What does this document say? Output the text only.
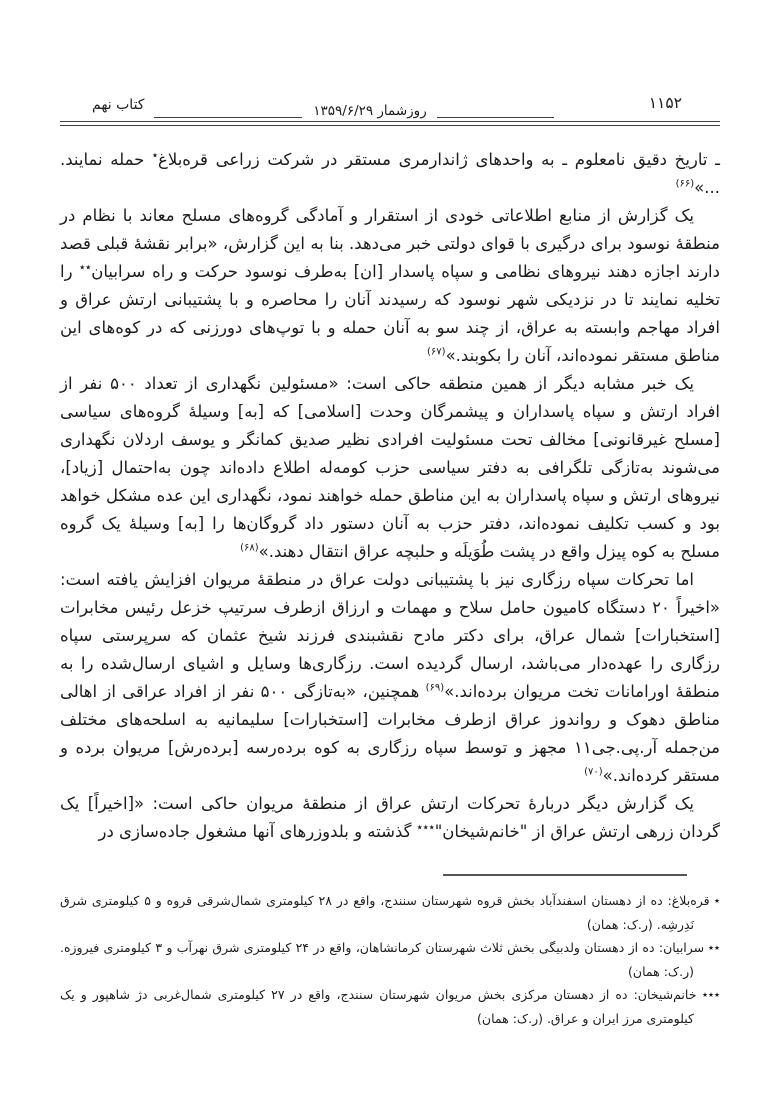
۱۱۵۲
روزشمار ۱۳۵۹/۶/۲۹
کتاب نهم

ـ تاریخ دقیق نامعلوم ـ به واحدهای ژاندارمری مستقر در شرکت زراعی قره‌بلاغ٭ حمله نمایند. ...»$^{(۶۶)}$

یک گزارش از منابع اطلاعاتی خودی از استقرار و آمادگی گروه‌های مسلح معاند با نظام در منطقهٔ نوسود برای درگیری با قوای دولتی خبر می‌دهد. بنا به این گزارش، «برابر نقشهٔ قبلی قصد دارند اجازه دهند نیروهای نظامی و سپاه پاسدار [ان] به‌طرف نوسود حرکت و راه سرابیان٭٭ را تخلیه نمایند تا در نزدیکی شهر نوسود که رسیدند آنان را محاصره و با پشتیبانی ارتش عراق و افراد مهاجم وابسته به عراق، از چند سو به آنان حمله و با توپ‌های دورزنی که در کوه‌های این مناطق مستقر نموده‌اند، آنان را بکوبند.»$^{(۶۷)}$

یک خبر مشابه دیگر از همین منطقه حاکی است: «مسئولین نگهداری از تعداد ۵۰۰ نفر از افراد ارتش و سپاه پاسداران و پیشمرگان وحدت [اسلامی] که [به] وسیلهٔ گروه‌های سیاسی [مسلح غیرقانونی] مخالف تحت مسئولیت افرادی نظیر صدیق کمانگر و یوسف اردلان نگهداری می‌شوند به‌تازگی تلگرافی به دفتر سیاسی حزب کومه‌له اطلاع داده‌اند چون به‌احتمال [زیاد]، نیروهای ارتش و سپاه پاسداران به این مناطق حمله خواهند نمود، نگهداری این عده مشکل خواهد بود و کسب تکلیف نموده‌اند، دفتر حزب به آنان دستور داد گروگان‌ها را [به] وسیلهٔ یک گروه مسلح به کوه پیزل واقع در پشت طُوَیلَه و حلبچه عراق انتقال دهند.»$^{(۶۸)}$

اما تحرکات سپاه رزگاری نیز با پشتیبانی دولت عراق در منطقهٔ مریوان افزایش یافته است: «اخیراً ۲۰ دستگاه کامیون حامل سلاح و مهمات و ارزاق ازطرف سرتیپ خزعل رئیس مخابرات [استخبارات] شمال عراق، برای دکتر مادح نقشبندی فرزند شیخ عثمان که سرپرستی سپاه رزگاری را عهده‌دار می‌باشد، ارسال گردیده است. رزگاری‌ها وسایل و اشیای ارسال‌شده را به منطقهٔ اورامانات تخت مریوان برده‌اند.»$^{(۶۹)}$ همچنین، «به‌تازگی ۵۰۰ نفر از افراد عراقی از اهالی مناطق دهوک و رواندوز عراق ازطرف مخابرات [استخبارات] سلیمانیه به اسلحه‌های مختلف من‌جمله آر.پی.جی۱۱ مجهز و توسط سپاه رزگاری به کوه برده‌رسه [برده‌رش] مریوان برده و مستقر کرده‌اند.»$^{(۷۰)}$

یک گزارش دیگر دربارهٔ تحرکات ارتش عراق از منطقهٔ مریوان حاکی است: «[اخیراً] یک گردان زرهی ارتش عراق از "خانم‌شیخان"٭٭٭ گذشته و بلدوزرهای آنها مشغول جاده‌سازی در

٭ قره‌بلاغ: ده از دهستان اسفندآباد بخش قروه شهرستان سنندج، واقع در ۲۸ کیلومتری شمال‌شرقی قروه و ۵ کیلومتری شرق نَدِرشِه. (ر.ک: همان)

٭٭ سرابیان: ده از دهستان ولدبیگی بخش ثلاث شهرستان کرمانشاهان، واقع در ۲۴ کیلومتری شرق نهرآب و ۳ کیلومتری فیروزه. (ر.ک: همان)

٭٭٭ خانم‌شیخان: ده از دهستان مرکزی بخش مریوان شهرستان سنندج، واقع در ۲۷ کیلومتری شمال‌غربی دژ شاهپور و یک کیلومتری مرز ایران و عراق. (ر.ک: همان)
